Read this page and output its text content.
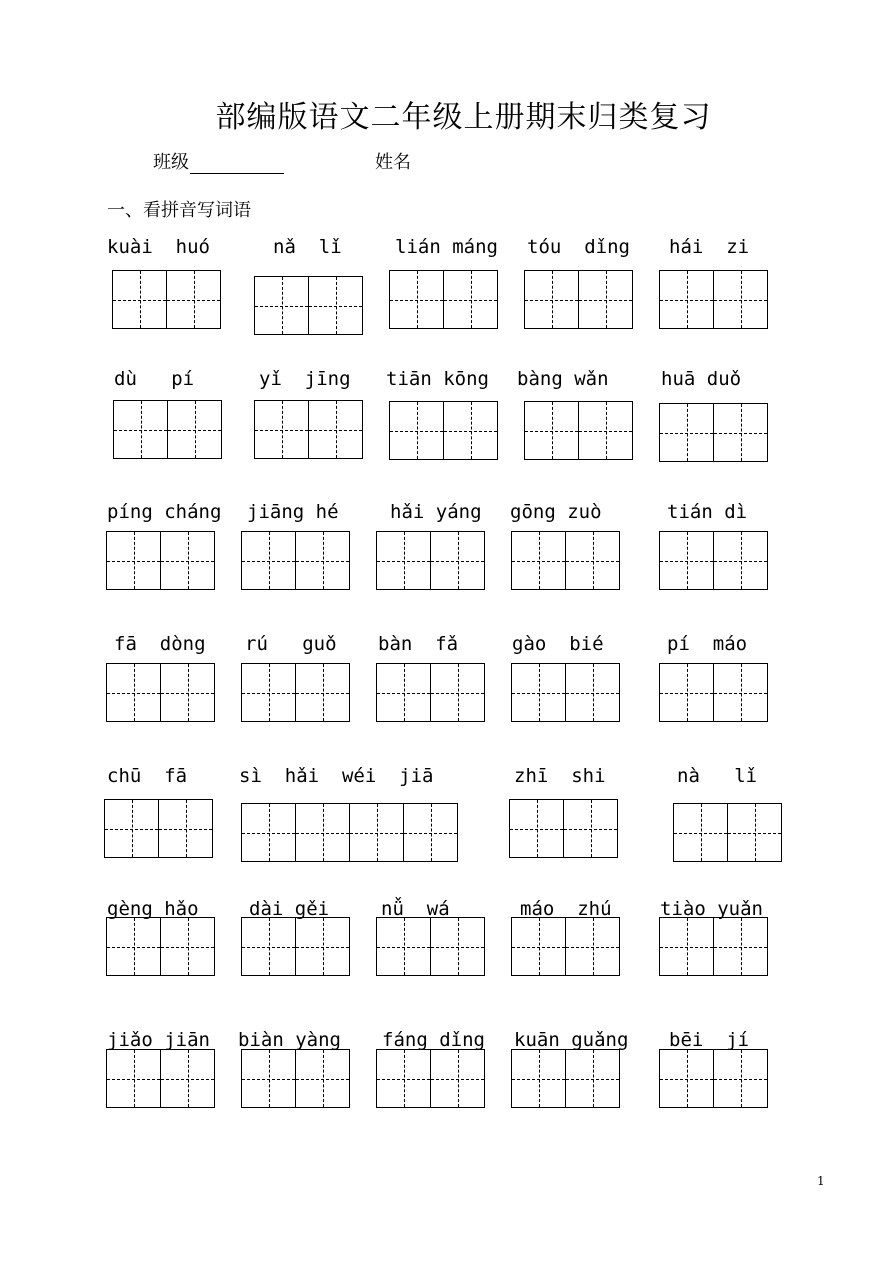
部编版语文二年级上册期末归类复习
班级	姓名
一、看拼音写词语
kuài  huó	nǎ  lǐ	lián máng tóu  dǐng hái  zi
dù   pí	yǐ  jīng tiān kōng bàng wǎn	huā duǒ
píng cháng jiāng hé	hǎi yáng gōng zuò	tián dì
fā  dòng rú   guǒ bàn  fǎ	gào  bié	pí  máo
chū  fā	sì  hǎi  wéi  jiā	zhī  shi	nà   lǐ
gèng hǎo	dài gěi	nǚ  wá	máo  zhú	tiào yuǎn
jiǎo jiān biàn yàng fáng dǐng kuān guǎng bēi  jí
1
